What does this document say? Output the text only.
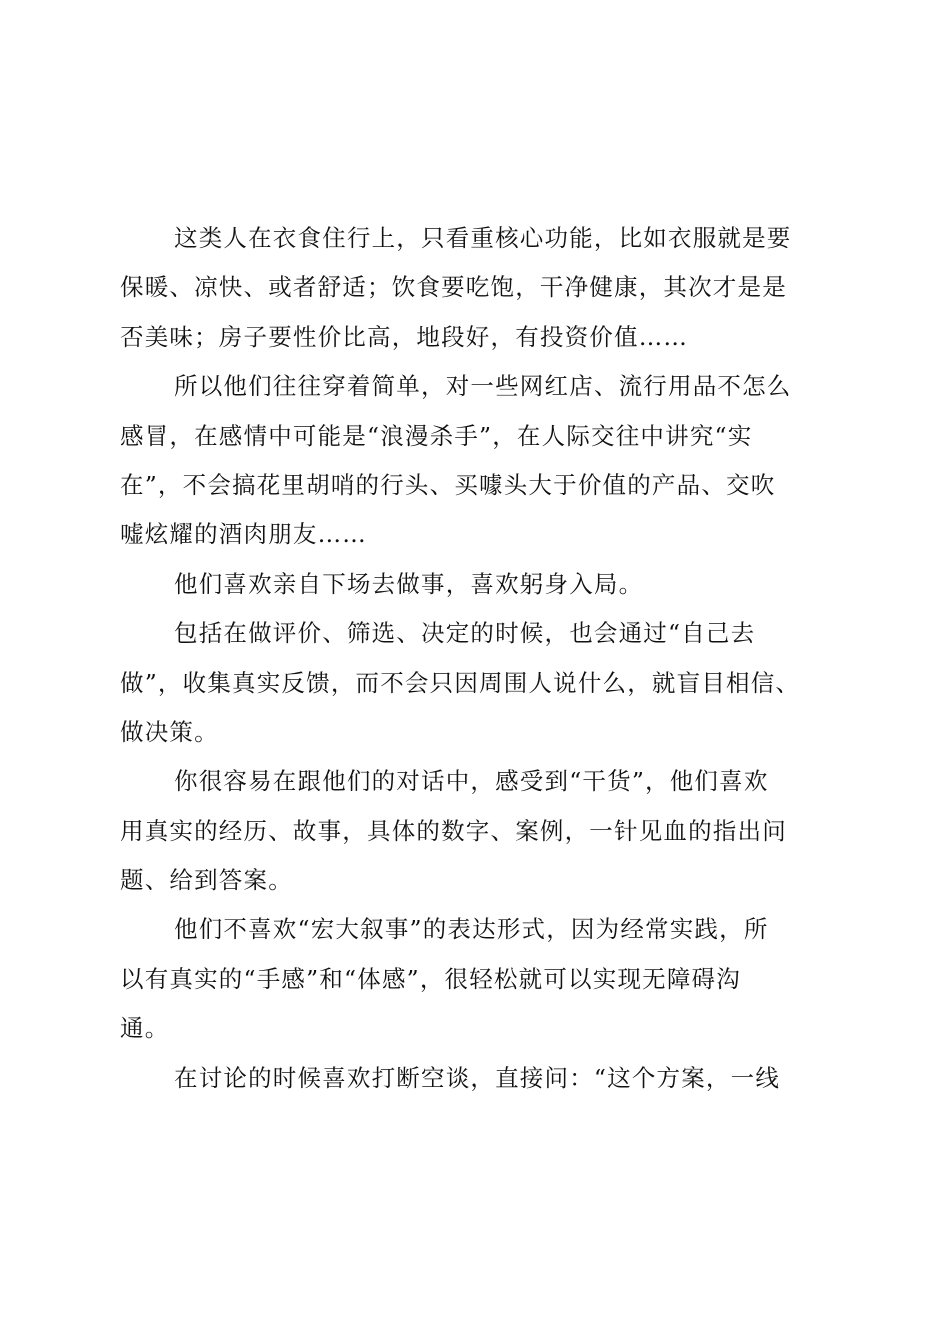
这类人在衣食住行上，只看重核心功能，比如衣服就是要
保暖、凉快、或者舒适；饮食要吃饱，干净健康，其次才是是
否美味；房子要性价比高，地段好，有投资价值……
所以他们往往穿着简单，对一些网红店、流行用品不怎么
感冒，在感情中可能是“浪漫杀手”，在人际交往中讲究“实
在”，不会搞花里胡哨的行头、买噱头大于价值的产品、交吹
嘘炫耀的酒肉朋友……
他们喜欢亲自下场去做事，喜欢躬身入局。
包括在做评价、筛选、决定的时候，也会通过“自己去
做”，收集真实反馈，而不会只因周围人说什么，就盲目相信、
做决策。
你很容易在跟他们的对话中，感受到“干货”，他们喜欢
用真实的经历、故事，具体的数字、案例，一针见血的指出问
题、给到答案。
他们不喜欢“宏大叙事”的表达形式，因为经常实践，所
以有真实的“手感”和“体感”，很轻松就可以实现无障碍沟
通。
在讨论的时候喜欢打断空谈，直接问：“这个方案，一线
